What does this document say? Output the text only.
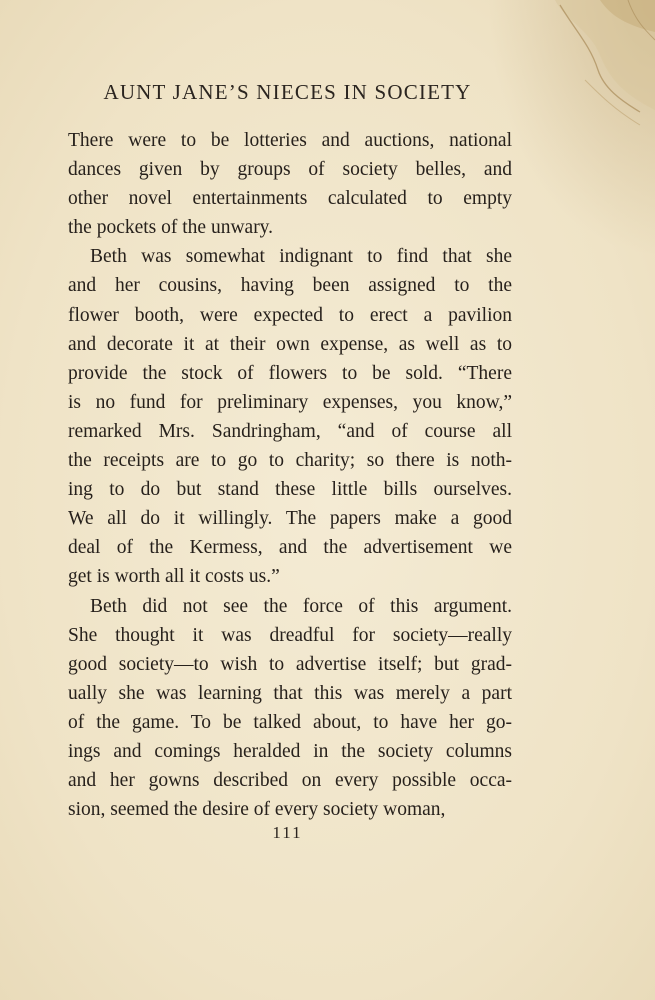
AUNT JANE’S NIECES IN SOCIETY
There were to be lotteries and auctions, national
dances given by groups of society belles, and
other novel entertainments calculated to empty
the pockets of the unwary.
Beth was somewhat indignant to find that she
and her cousins, having been assigned to the
flower booth, were expected to erect a pavilion
and decorate it at their own expense, as well as to
provide the stock of flowers to be sold. “There
is no fund for preliminary expenses, you know,”
remarked Mrs. Sandringham, “and of course all
the receipts are to go to charity; so there is noth-
ing to do but stand these little bills ourselves.
We all do it willingly. The papers make a good
deal of the Kermess, and the advertisement we
get is worth all it costs us.”
Beth did not see the force of this argument.
She thought it was dreadful for society—really
good society—to wish to advertise itself; but grad-
ually she was learning that this was merely a part
of the game. To be talked about, to have her go-
ings and comings heralded in the society columns
and her gowns described on every possible occa-
sion, seemed the desire of every society woman,
111
